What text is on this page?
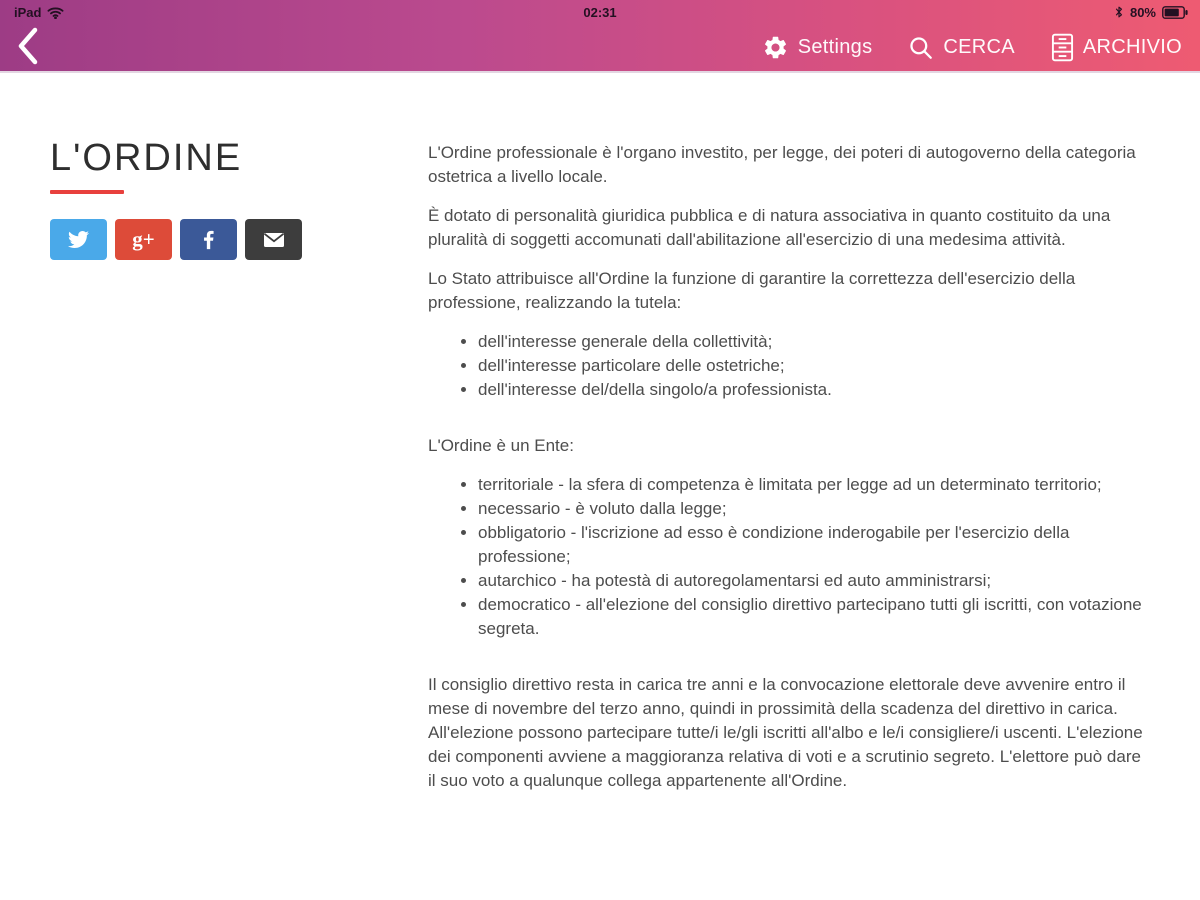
iPad	02:31	80%
Settings	CERCA	ARCHIVIO
L'ORDINE
g+

L'Ordine professionale è l'organo investito, per legge, dei poteri di autogoverno della categoria ostetrica a livello locale.

È dotato di personalità giuridica pubblica e di natura associativa in quanto costituito da una pluralità di soggetti accomunati dall'abilitazione all'esercizio di una medesima attività.

Lo Stato attribuisce all'Ordine la funzione di garantire la correttezza dell'esercizio della professione, realizzando la tutela:

• dell'interesse generale della collettività;
• dell'interesse particolare delle ostetriche;
• dell'interesse del/della singolo/a professionista.

L'Ordine è un Ente:

• territoriale - la sfera di competenza è limitata per legge ad un determinato territorio;
• necessario - è voluto dalla legge;
• obbligatorio - l'iscrizione ad esso è condizione inderogabile per l'esercizio della professione;
• autarchico - ha potestà di autoregolamentarsi ed auto amministrarsi;
• democratico - all'elezione del consiglio direttivo partecipano tutti gli iscritti, con votazione segreta.

Il consiglio direttivo resta in carica tre anni e la convocazione elettorale deve avvenire entro il mese di novembre del terzo anno, quindi in prossimità della scadenza del direttivo in carica. All'elezione possono partecipare tutte/i le/gli iscritti all'albo e le/i consigliere/i uscenti. L'elezione dei componenti avviene a maggioranza relativa di voti e a scrutinio segreto. L'elettore può dare il suo voto a qualunque collega appartenente all'Ordine.
